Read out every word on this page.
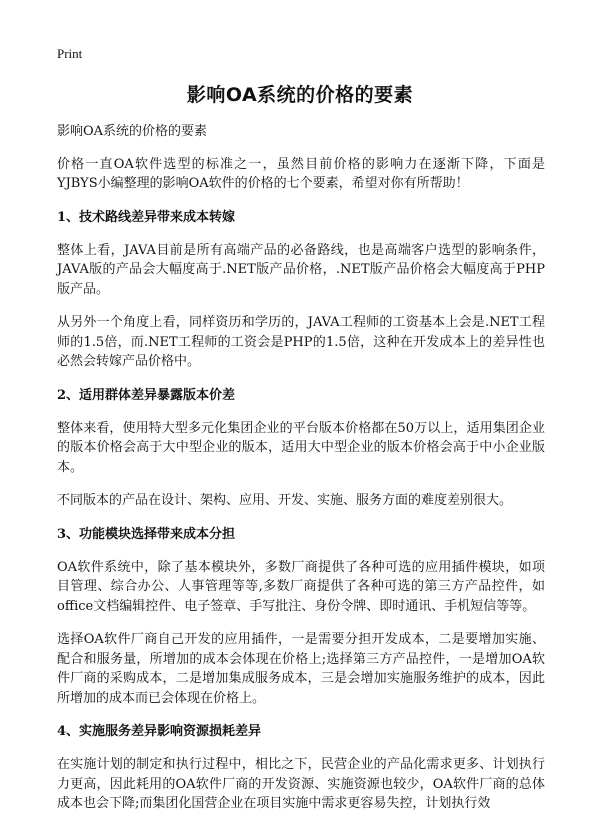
Print
影响OA系统的价格的要素

影响OA系统的价格的要素

价格一直OA软件选型的标准之一，虽然目前价格的影响力在逐渐下降，下面是YJBYS小编整理的影响OA软件的价格的七个要素，希望对你有所帮助！

1、技术路线差异带来成本转嫁

整体上看，JAVA目前是所有高端产品的必备路线，也是高端客户选型的影响条件，JAVA版的产品会大幅度高于.NET版产品价格，.NET版产品价格会大幅度高于PHP版产品。

从另外一个角度上看，同样资历和学历的，JAVA工程师的工资基本上会是.NET工程师的1.5倍，而.NET工程师的工资会是PHP的1.5倍，这种在开发成本上的差异性也必然会转嫁产品价格中。

2、适用群体差异暴露版本价差

整体来看，使用特大型多元化集团企业的平台版本价格都在50万以上，适用集团企业的版本价格会高于大中型企业的版本，适用大中型企业的版本价格会高于中小企业版本。

不同版本的产品在设计、架构、应用、开发、实施、服务方面的难度差别很大。

3、功能模块选择带来成本分担

OA软件系统中，除了基本模块外，多数厂商提供了各种可选的应用插件模块，如项目管理、综合办公、人事管理等等,多数厂商提供了各种可选的第三方产品控件，如office文档编辑控件、电子签章、手写批注、身份令牌、即时通讯、手机短信等等。

选择OA软件厂商自己开发的应用插件，一是需要分担开发成本，二是要增加实施、配合和服务量，所增加的成本会体现在价格上;选择第三方产品控件，一是增加OA软件厂商的采购成本，二是增加集成服务成本，三是会增加实施服务维护的成本，因此所增加的成本而已会体现在价格上。

4、实施服务差异影响资源损耗差异

在实施计划的制定和执行过程中，相比之下，民营企业的产品化需求更多、计划执行力更高，因此耗用的OA软件厂商的开发资源、实施资源也较少，OA软件厂商的总体成本也会下降;而集团化国营企业在项目实施中需求更容易失控，计划执行效
